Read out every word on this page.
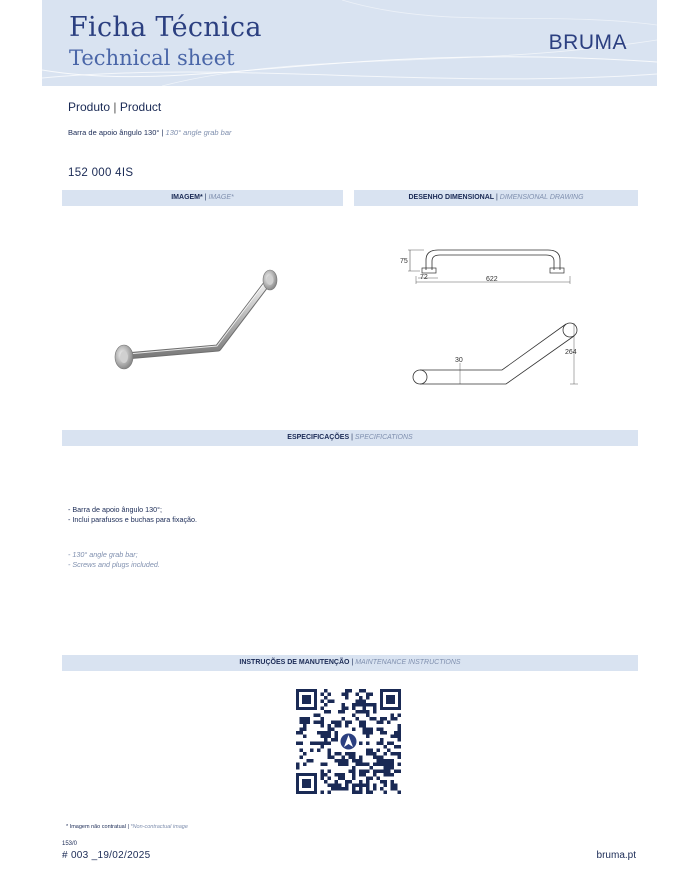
Ficha Técnica
Technical sheet
BRUMA
Produto | Product
Barra de apoio ângulo 130° | 130° angle grab bar
152 000 4IS
IMAGEM* | IMAGE*	DESENHO DIMENSIONAL | DIMENSIONAL DRAWING
75
72	622
30
264
ESPECIFICAÇÕES | SPECIFICATIONS
- Barra de apoio ângulo 130°;
- Inclui parafusos e buchas para fixação.
- 130° angle grab bar;
- Screws and plugs included.
INSTRUÇÕES DE MANUTENÇÃO | MAINTENANCE INSTRUCTIONS
* Imagem não contratual | *Non-contractual image
153/0
# 003 _19/02/2025	bruma.pt
